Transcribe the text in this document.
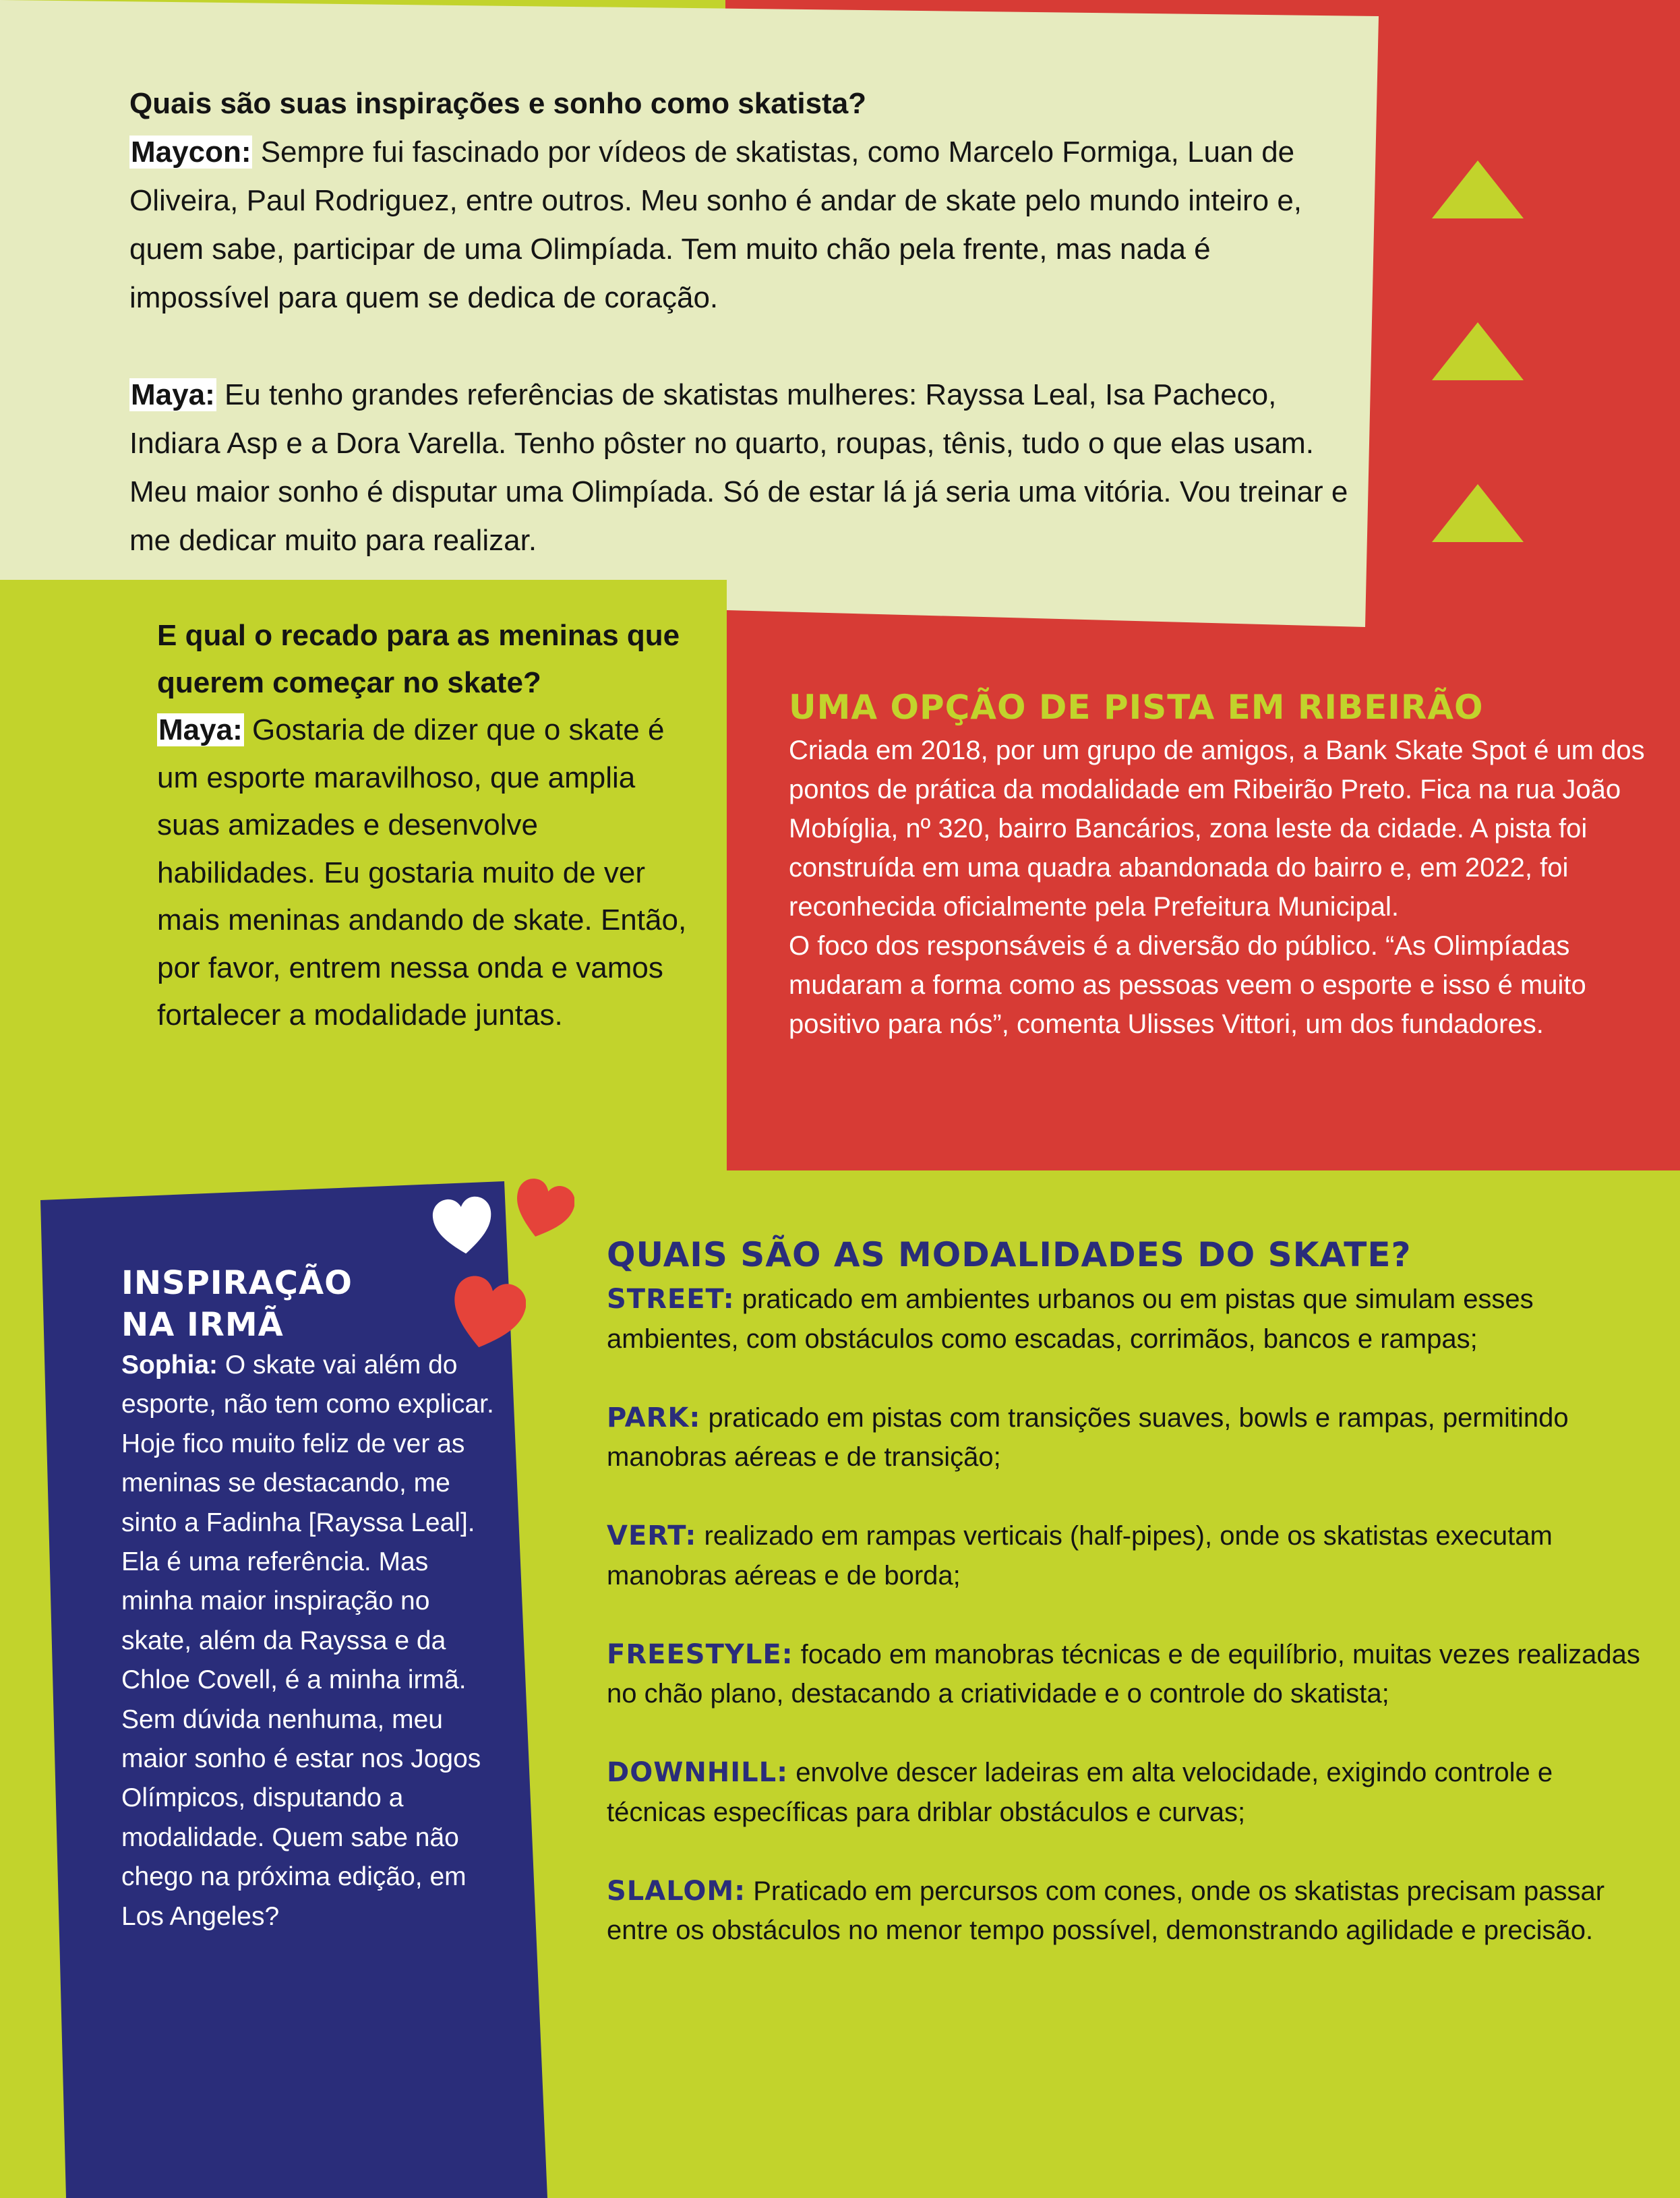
Quais são suas inspirações e sonho como skatista?

Maycon: Sempre fui fascinado por vídeos de skatistas, como Marcelo Formiga, Luan de Oliveira, Paul Rodriguez, entre outros. Meu sonho é andar de skate pelo mundo inteiro e, quem sabe, participar de uma Olimpíada. Tem muito chão pela frente, mas nada é impossível para quem se dedica de coração.

Maya: Eu tenho grandes referências de skatistas mulheres: Rayssa Leal, Isa Pacheco, Indiara Asp e a Dora Varella. Tenho pôster no quarto, roupas, tênis, tudo o que elas usam. Meu maior sonho é disputar uma Olimpíada. Só de estar lá já seria uma vitória. Vou treinar e me dedicar muito para realizar.

E qual o recado para as meninas que querem começar no skate?

Maya: Gostaria de dizer que o skate é um esporte maravilhoso, que amplia suas amizades e desenvolve habilidades. Eu gostaria muito de ver mais meninas andando de skate. Então, por favor, entrem nessa onda e vamos fortalecer a modalidade juntas.

UMA OPÇÃO DE PISTA EM RIBEIRÃO
Criada em 2018, por um grupo de amigos, a Bank Skate Spot é um dos pontos de prática da modalidade em Ribeirão Preto. Fica na rua João Mobíglia, nº 320, bairro Bancários, zona leste da cidade. A pista foi construída em uma quadra abandonada do bairro e, em 2022, foi reconhecida oficialmente pela Prefeitura Municipal.
O foco dos responsáveis é a diversão do público. “As Olimpíadas mudaram a forma como as pessoas veem o esporte e isso é muito positivo para nós”, comenta Ulisses Vittori, um dos fundadores.
INSPIRAÇÃO
NA IRMÃ

Sophia: O skate vai além do esporte, não tem como explicar. Hoje fico muito feliz de ver as meninas se destacando, me sinto a Fadinha [Rayssa Leal]. Ela é uma referência. Mas minha maior inspiração no skate, além da Rayssa e da Chloe Covell, é a minha irmã. Sem dúvida nenhuma, meu maior sonho é estar nos Jogos Olímpicos, disputando a modalidade. Quem sabe não chego na próxima edição, em Los Angeles?

QUAIS SÃO AS MODALIDADES DO SKATE?
STREET: praticado em ambientes urbanos ou em pistas que simulam esses ambientes, com obstáculos como escadas, corrimãos, bancos e rampas;
PARK: praticado em pistas com transições suaves, bowls e rampas, permitindo manobras aéreas e de transição;
VERT: realizado em rampas verticais (half-pipes), onde os skatistas executam manobras aéreas e de borda;
FREESTYLE: focado em manobras técnicas e de equilíbrio, muitas vezes realizadas no chão plano, destacando a criatividade e o controle do skatista;
DOWNHILL: envolve descer ladeiras em alta velocidade, exigindo controle e técnicas específicas para driblar obstáculos e curvas;
SLALOM: Praticado em percursos com cones, onde os skatistas precisam passar entre os obstáculos no menor tempo possível, demonstrando agilidade e precisão.
